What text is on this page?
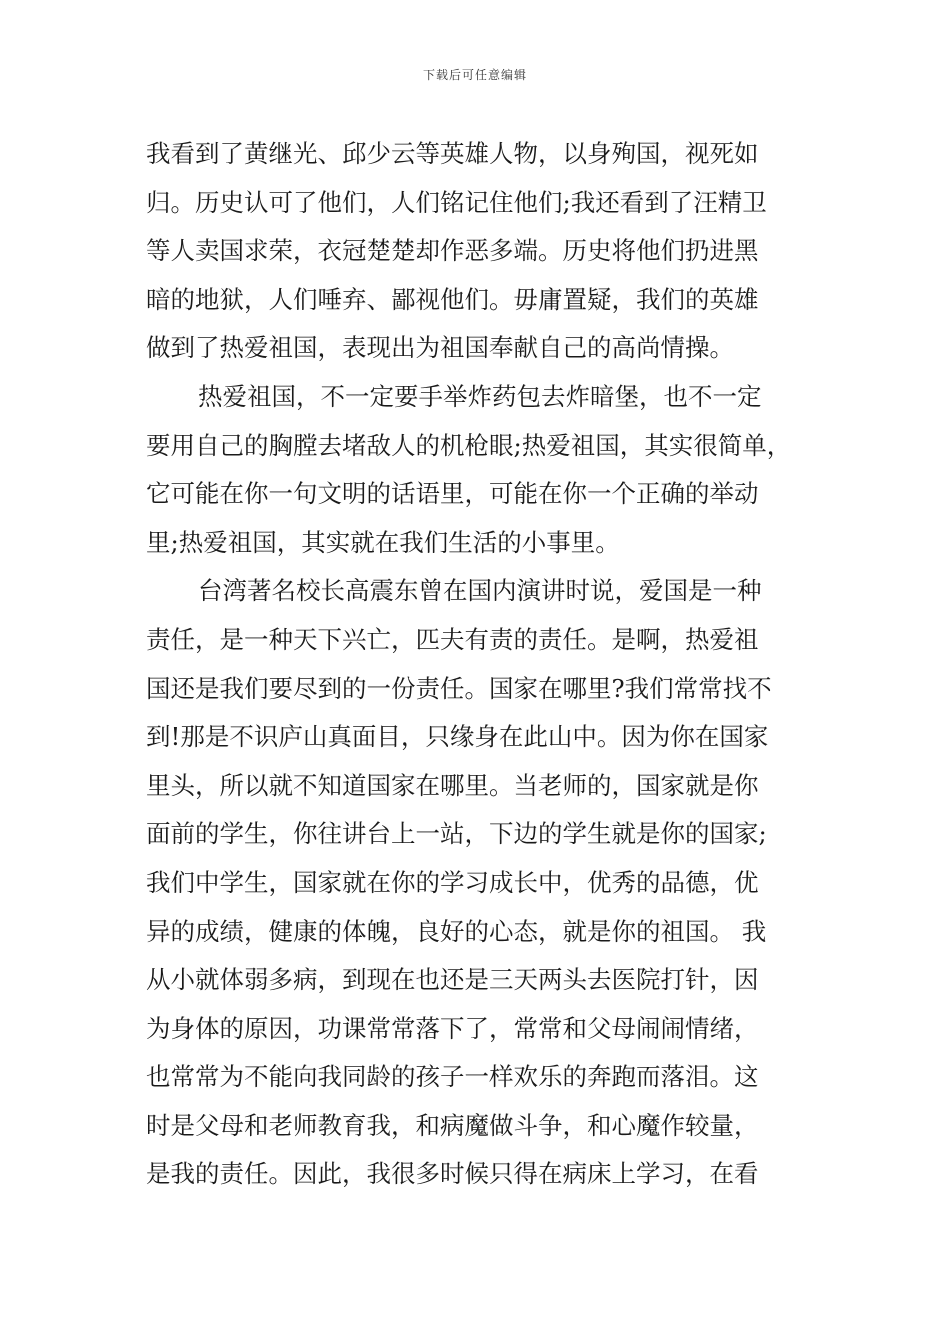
下载后可任意编辑
我看到了黄继光、邱少云等英雄人物，以身殉国，视死如
归。历史认可了他们，人们铭记住他们;我还看到了汪精卫
等人卖国求荣，衣冠楚楚却作恶多端。历史将他们扔进黑
暗的地狱，人们唾弃、鄙视他们。毋庸置疑，我们的英雄
做到了热爱祖国，表现出为祖国奉献自己的高尚情操。
热爱祖国，不一定要手举炸药包去炸暗堡，也不一定
要用自己的胸膛去堵敌人的机枪眼;热爱祖国，其实很简单，
它可能在你一句文明的话语里，可能在你一个正确的举动
里;热爱祖国，其实就在我们生活的小事里。
台湾著名校长高震东曾在国内演讲时说，爱国是一种
责任，是一种天下兴亡，匹夫有责的责任。是啊，热爱祖
国还是我们要尽到的一份责任。国家在哪里?我们常常找不
到!那是不识庐山真面目，只缘身在此山中。因为你在国家
里头，所以就不知道国家在哪里。当老师的，国家就是你
面前的学生，你往讲台上一站，下边的学生就是你的国家;
我们中学生，国家就在你的学习成长中，优秀的品德，优
异的成绩，健康的体魄，良好的心态，就是你的祖国。 我
从小就体弱多病，到现在也还是三天两头去医院打针，因
为身体的原因，功课常常落下了，常常和父母闹闹情绪，
也常常为不能向我同龄的孩子一样欢乐的奔跑而落泪。这
时是父母和老师教育我，和病魔做斗争，和心魔作较量，
是我的责任。因此，我很多时候只得在病床上学习，在看
